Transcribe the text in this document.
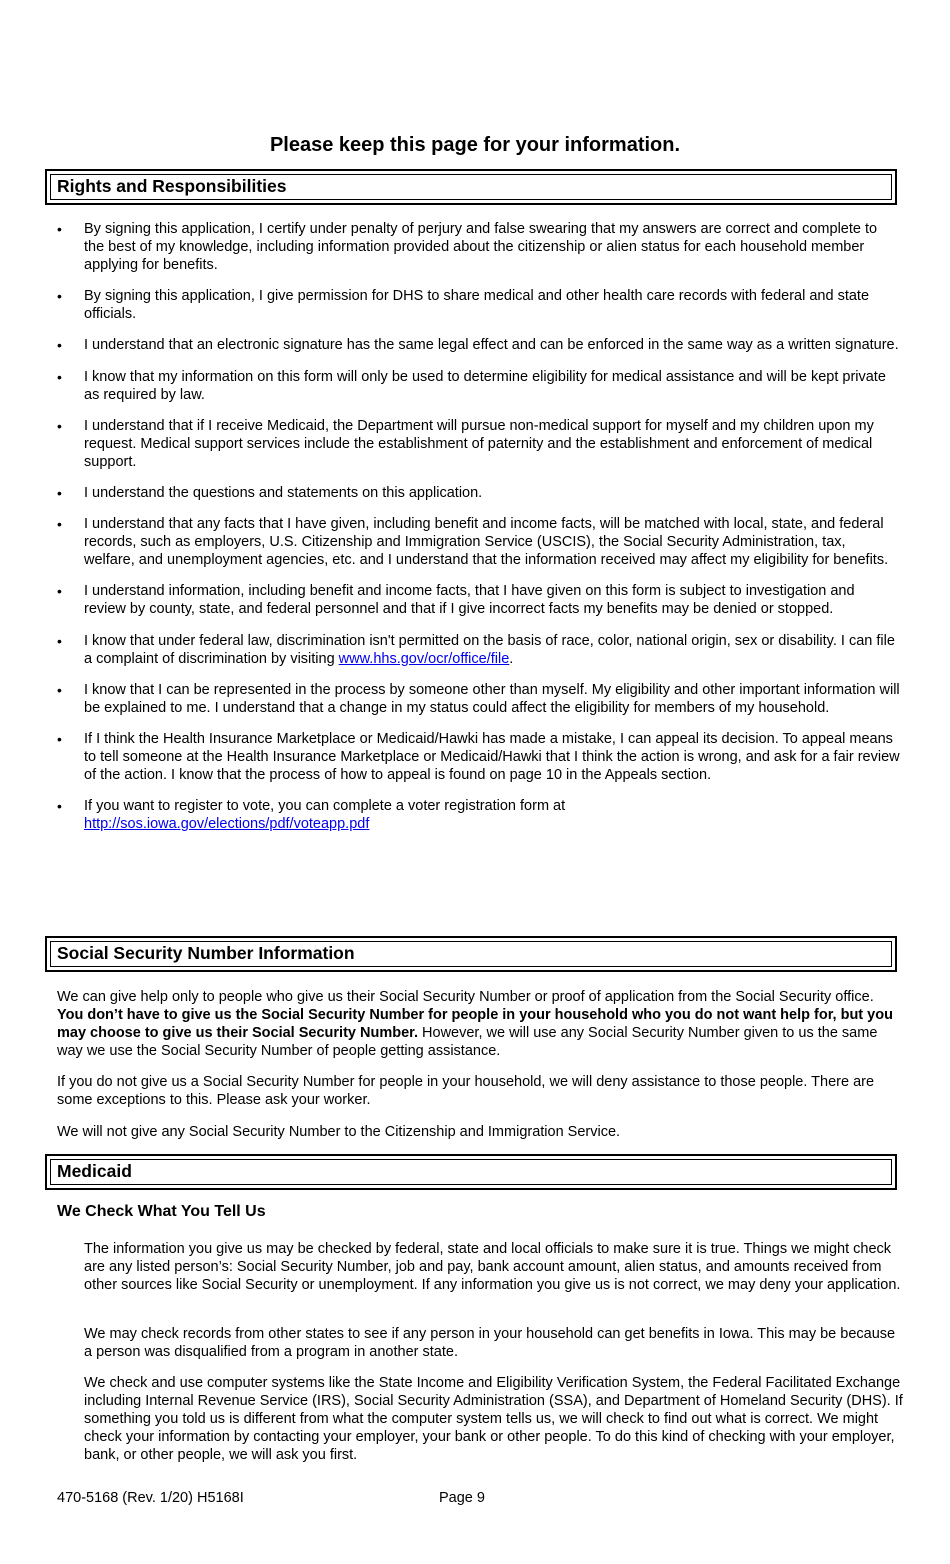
Please keep this page for your information.
Rights and Responsibilities
• By signing this application, I certify under penalty of perjury and false swearing that my answers are correct and complete to the best of my knowledge, including information provided about the citizenship or alien status for each household member applying for benefits.
• By signing this application, I give permission for DHS to share medical and other health care records with federal and state officials.
• I understand that an electronic signature has the same legal effect and can be enforced in the same way as a written signature.
• I know that my information on this form will only be used to determine eligibility for medical assistance and will be kept private as required by law.
• I understand that if I receive Medicaid, the Department will pursue non-medical support for myself and my children upon my request. Medical support services include the establishment of paternity and the establishment and enforcement of medical support.
• I understand the questions and statements on this application.
• I understand that any facts that I have given, including benefit and income facts, will be matched with local, state, and federal records, such as employers, U.S. Citizenship and Immigration Service (USCIS), the Social Security Administration, tax, welfare, and unemployment agencies, etc. and I understand that the information received may affect my eligibility for benefits.
• I understand information, including benefit and income facts, that I have given on this form is subject to investigation and review by county, state, and federal personnel and that if I give incorrect facts my benefits may be denied or stopped.
• I know that under federal law, discrimination isn't permitted on the basis of race, color, national origin, sex or disability. I can file a complaint of discrimination by visiting www.hhs.gov/ocr/office/file.
• I know that I can be represented in the process by someone other than myself. My eligibility and other important information will be explained to me. I understand that a change in my status could affect the eligibility for members of my household.
• If I think the Health Insurance Marketplace or Medicaid/Hawki has made a mistake, I can appeal its decision. To appeal means to tell someone at the Health Insurance Marketplace or Medicaid/Hawki that I think the action is wrong, and ask for a fair review of the action. I know that the process of how to appeal is found on page 10 in the Appeals section.
• If you want to register to vote, you can complete a voter registration form at
http://sos.iowa.gov/elections/pdf/voteapp.pdf
Social Security Number Information

We can give help only to people who give us their Social Security Number or proof of application from the Social Security office. You don’t have to give us the Social Security Number for people in your household who you do not want help for, but you may choose to give us their Social Security Number. However, we will use any Social Security Number given to us the same way we use the Social Security Number of people getting assistance.

If you do not give us a Social Security Number for people in your household, we will deny assistance to those people. There are some exceptions to this. Please ask your worker.

We will not give any Social Security Number to the Citizenship and Immigration Service.

Medicaid
We Check What You Tell Us

The information you give us may be checked by federal, state and local officials to make sure it is true. Things we might check are any listed person’s: Social Security Number, job and pay, bank account amount, alien status, and amounts received from other sources like Social Security or unemployment. If any information you give us is not correct, we may deny your application.

We may check records from other states to see if any person in your household can get benefits in Iowa. This may be because a person was disqualified from a program in another state.

We check and use computer systems like the State Income and Eligibility Verification System, the Federal Facilitated Exchange including Internal Revenue Service (IRS), Social Security Administration (SSA), and Department of Homeland Security (DHS). If something you told us is different from what the computer system tells us, we will check to find out what is correct. We might check your information by contacting your employer, your bank or other people. To do this kind of checking with your employer, bank, or other people, we will ask you first.

470-5168 (Rev. 1/20) H5168I	Page 9
